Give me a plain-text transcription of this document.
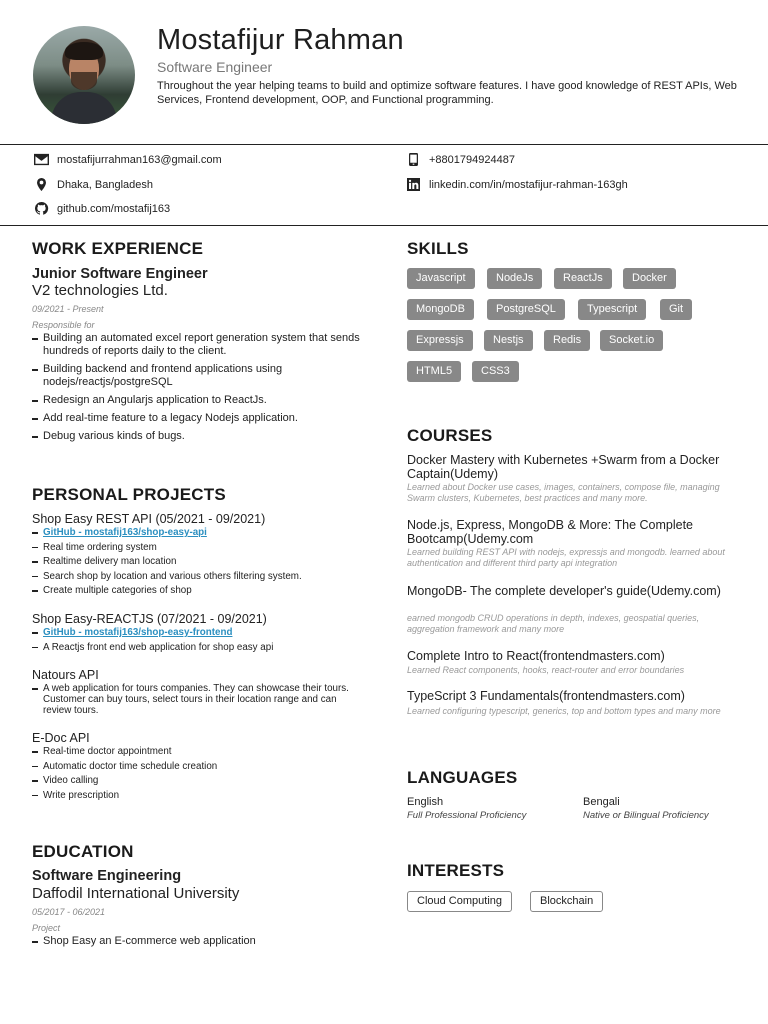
Mostafijur Rahman
Software Engineer
Throughout the year helping teams to build and optimize software features. I have good knowledge of REST APIs, Web Services, Frontend development, OOP, and Functional programming.
mostafijurrahman163@gmail.com	+8801794924487
Dhaka, Bangladesh	linkedin.com/in/mostafijur-rahman-163gh
github.com/mostafij163
WORK EXPERIENCE
Junior Software Engineer
V2 technologies Ltd.
09/2021 - Present
Responsible for
Building an automated excel report generation system that sends hundreds of reports daily to the client.
Building backend and frontend applications using nodejs/reactjs/postgreSQL
Redesign an Angularjs application to ReactJs.
Add real-time feature to a legacy Nodejs application.
Debug various kinds of bugs.
PERSONAL PROJECTS
Shop Easy REST API (05/2021 - 09/2021)
GitHub - mostafij163/shop-easy-api
Real time ordering system
Realtime delivery man location
Search shop by location and various others filtering system.
Create multiple categories of shop
Shop Easy-REACTJS (07/2021 - 09/2021)
GitHub - mostafij163/shop-easy-frontend
A Reactjs front end web application for shop easy api
Natours API
A web application for tours companies. They can showcase their tours. Customer can buy tours, select tours in their location range and can review tours.
E-Doc API
Real-time doctor appointment
Automatic doctor time schedule creation
Video calling
Write prescription
EDUCATION
Software Engineering
Daffodil International University
05/2017 - 06/2021
Project
Shop Easy an E-commerce web application
SKILLS
Javascript	NodeJs	ReactJs	Docker
MongoDB	PostgreSQL	Typescript	Git
Expressjs	Nestjs	Redis	Socket.io
HTML5	CSS3
COURSES
Docker Mastery with Kubernetes +Swarm from a Docker Captain(Udemy)
Learned about Docker use cases, images, containers, compose file, managing Swarm clusters, Kubernetes, best practices and many more.
Node.js, Express, MongoDB & More: The Complete Bootcamp(Udemy.com
Learned building REST API with nodejs, expressjs and mongodb. learned about authentication and different third party api integration
MongoDB- The complete developer's guide(Udemy.com)
earned mongodb CRUD operations in depth, indexes, geospatial queries, aggregation framework and many more
Complete Intro to React(frontendmasters.com)
Learned React components, hooks, react-router and error boundaries
TypeScript 3 Fundamentals(frontendmasters.com)
Learned configuring typescript, generics, top and bottom types and many more
LANGUAGES
English
Full Professional Proficiency
Bengali
Native or Bilingual Proficiency
INTERESTS
Cloud Computing	Blockchain
